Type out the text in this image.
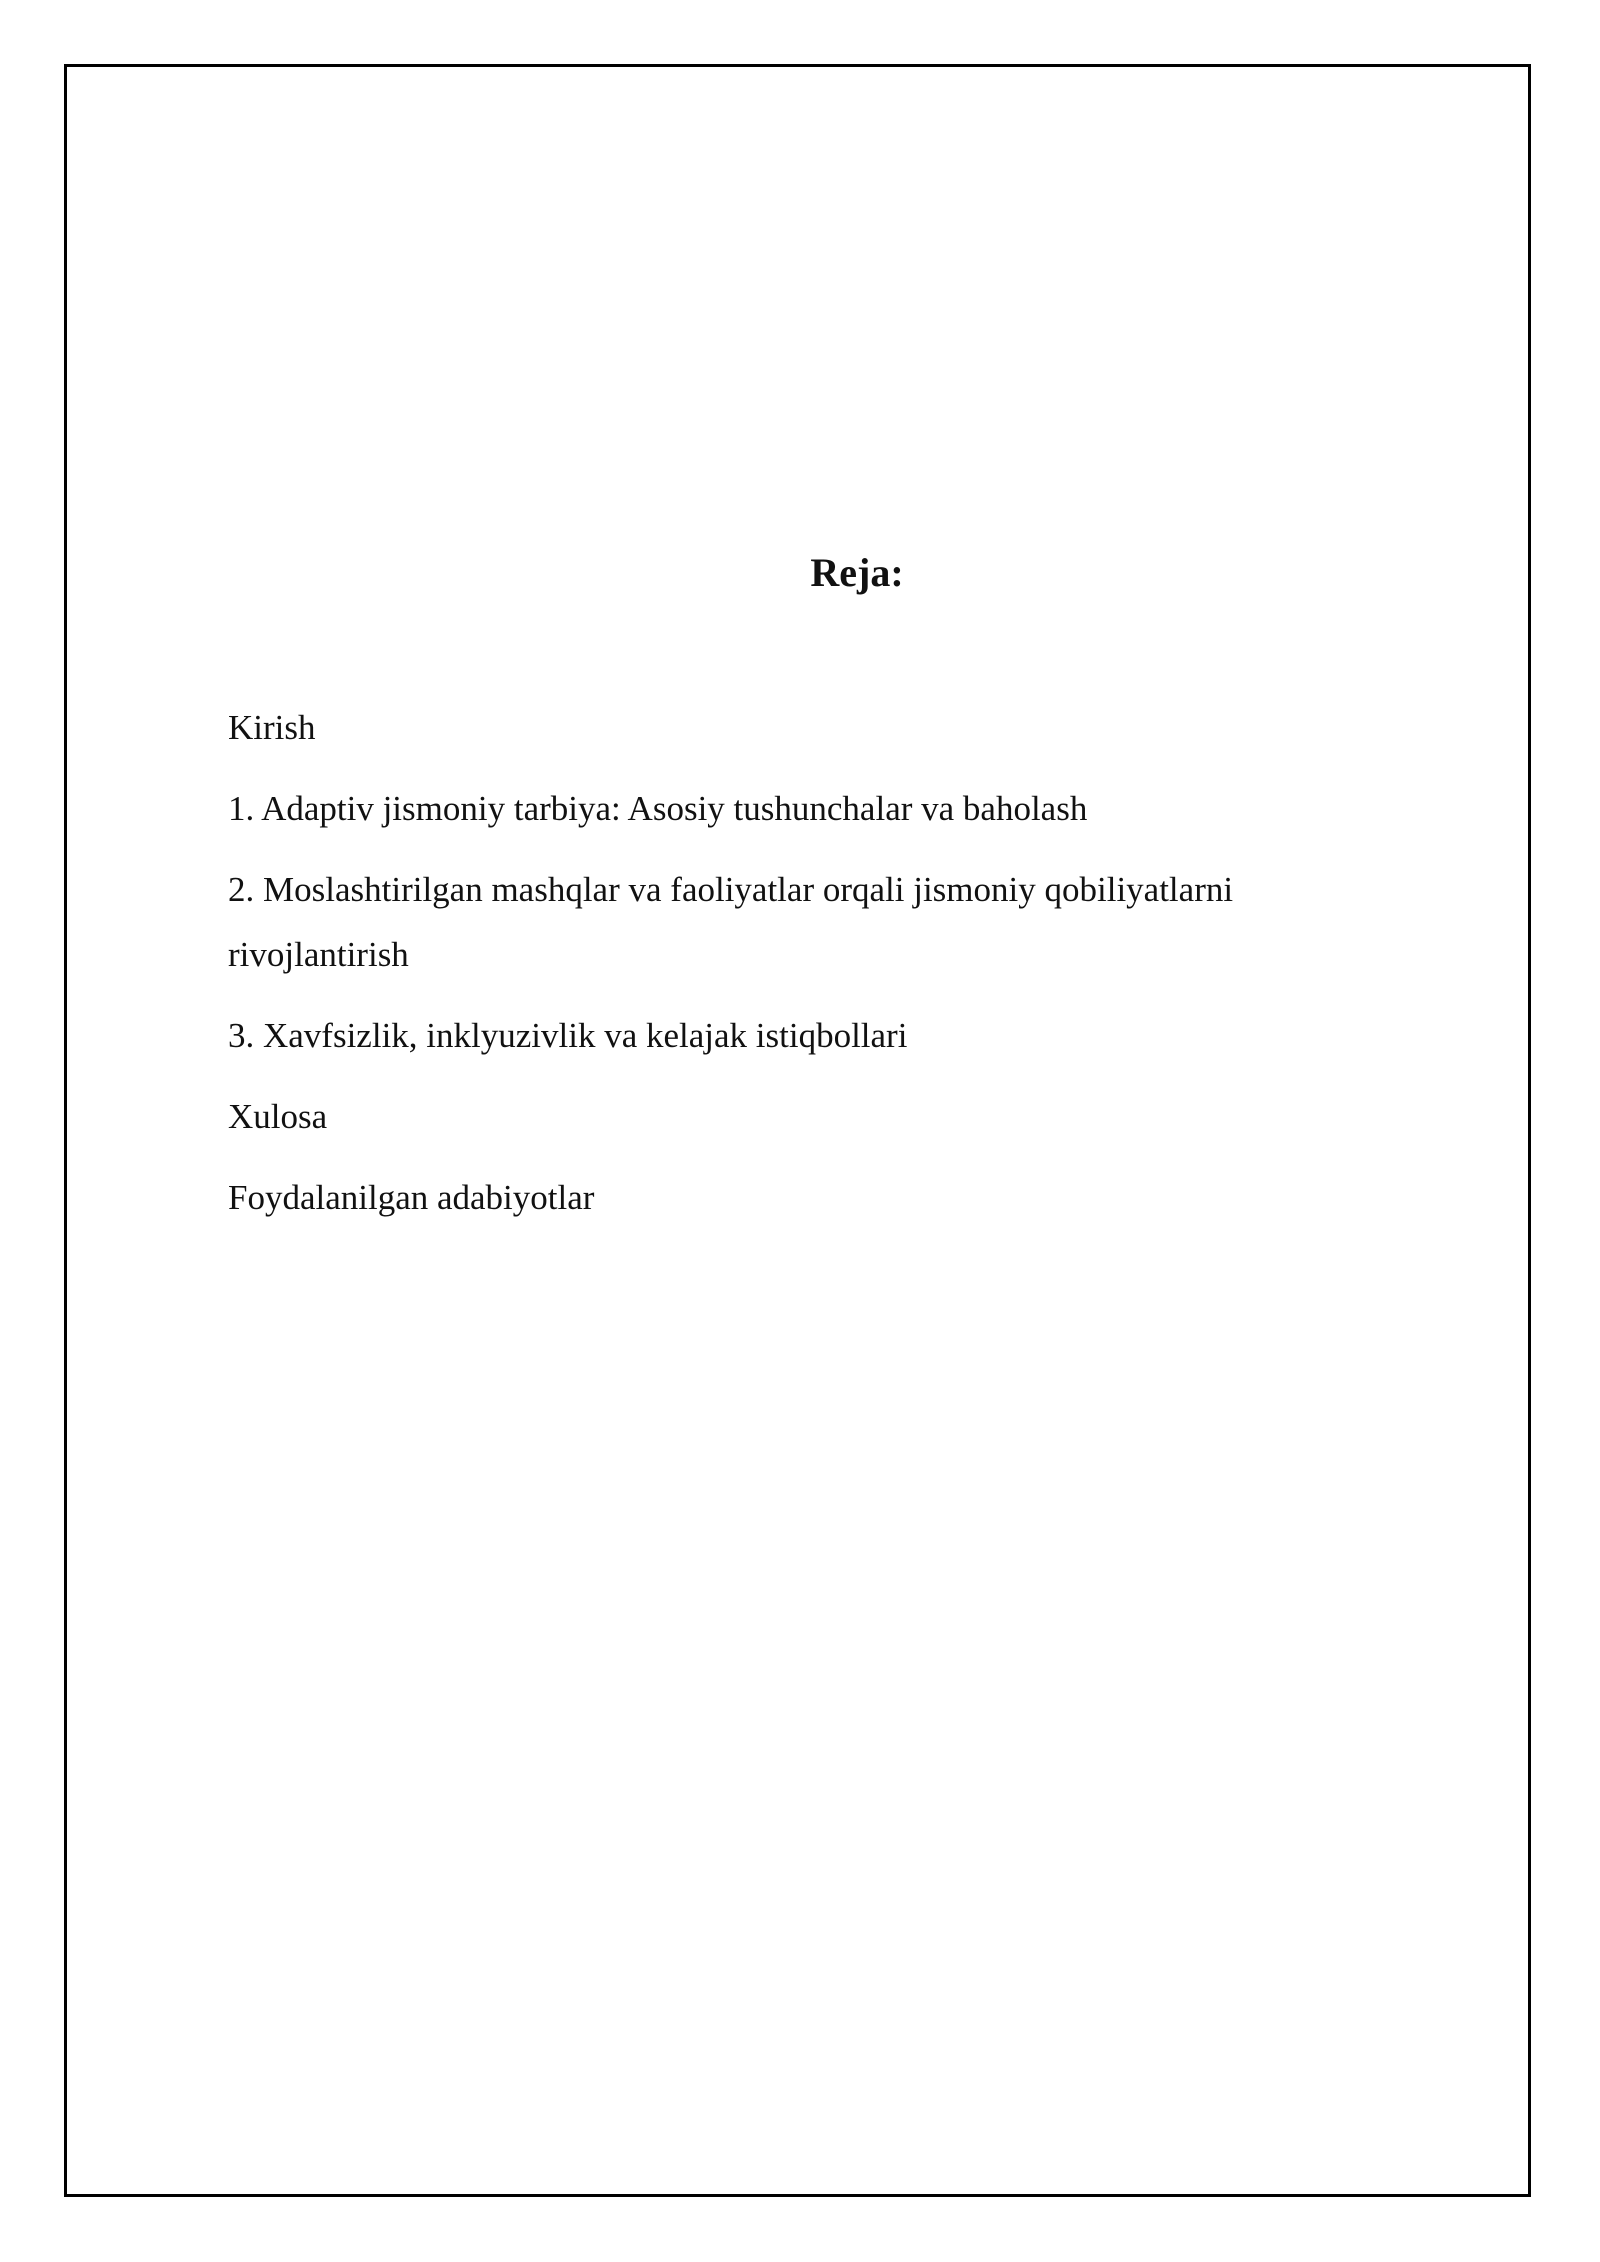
Reja:
Kirish
1. Adaptiv jismoniy tarbiya: Asosiy tushunchalar va baholash
2. Moslashtirilgan mashqlar va faoliyatlar orqali jismoniy qobiliyatlarni rivojlantirish
3. Xavfsizlik, inklyuzivlik va kelajak istiqbollari
Xulosa
Foydalanilgan adabiyotlar
